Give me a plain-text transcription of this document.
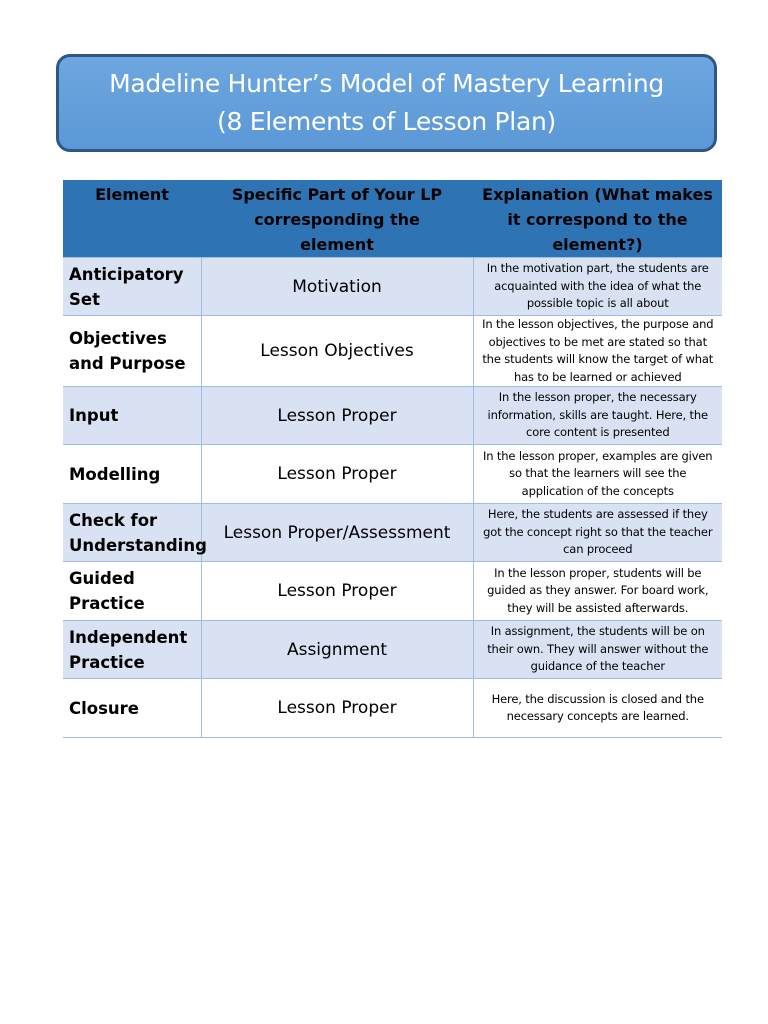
Madeline Hunter’s Model of Mastery Learning
(8 Elements of Lesson Plan)
Element	Specific Part of Your LP corresponding the element	Explanation (What makes it correspond to the element?)
Anticipatory Set	Motivation	In the motivation part, the students are acquainted with the idea of what the possible topic is all about
Objectives and Purpose	Lesson Objectives	In the lesson objectives, the purpose and objectives to be met are stated so that the students will know the target of what has to be learned or achieved
Input	Lesson Proper	In the lesson proper, the necessary information, skills are taught. Here, the core content is presented
Modelling	Lesson Proper	In the lesson proper, examples are given so that the learners will see the application of the concepts
Check for Understanding	Lesson Proper/Assessment	Here, the students are assessed if they got the concept right so that the teacher can proceed
Guided Practice	Lesson Proper	In the lesson proper, students will be guided as they answer. For board work, they will be assisted afterwards.
Independent Practice	Assignment	In assignment, the students will be on their own. They will answer without the guidance of the teacher
Closure	Lesson Proper	Here, the discussion is closed and the necessary concepts are learned.
